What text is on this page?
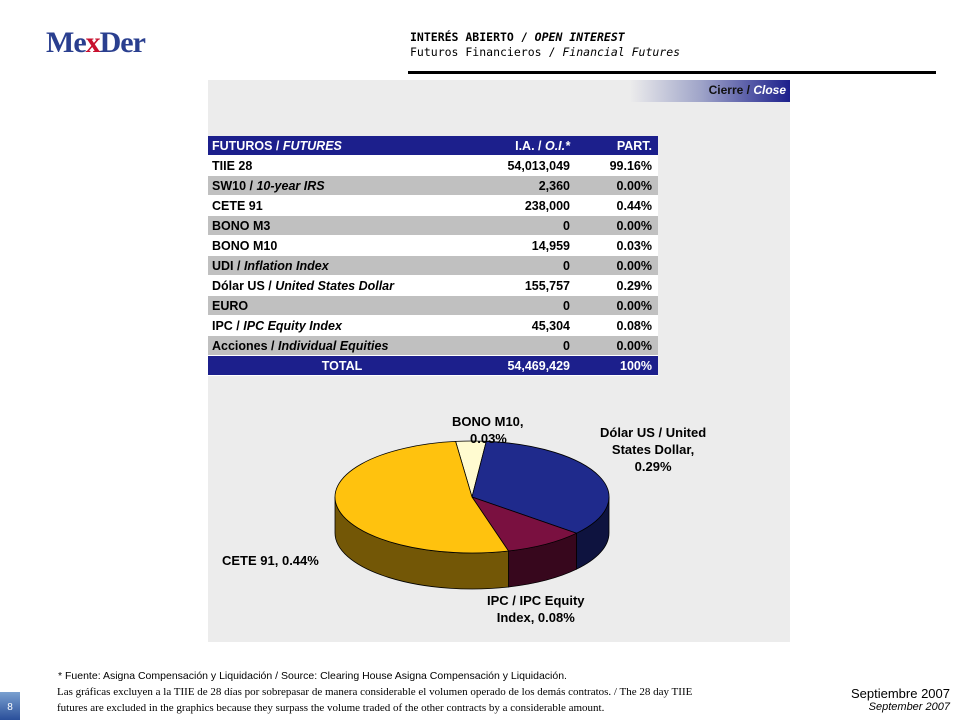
MexDer	INTERÉS ABIERTO / OPEN INTEREST
Futuros Financieros / Financial Futures
Cierre / Close
FUTUROS / FUTURES	I.A. / O.I.*	PART.
TIIE 28	54,013,049	99.16%
SW10 / 10-year IRS	2,360	0.00%
CETE 91	238,000	0.44%
BONO M3	0	0.00%
BONO M10	14,959	0.03%
UDI / Inflation Index	0	0.00%
Dólar US / United States Dollar	155,757	0.29%
EURO	0	0.00%
IPC / IPC Equity Index	45,304	0.08%
Acciones / Individual Equities	0	0.00%
TOTAL	54,469,429	100%
BONO M10,
0.03%	Dólar US / United
States Dollar,
0.29%
IPC / IPC Equity
Index, 0.08%
CETE 91, 0.44%
* Fuente: Asigna Compensación y Liquidación / Source: Clearing House Asigna Compensación y Liquidación.
Las gráficas excluyen a la TIIE de 28 días por sobrepasar de manera considerable el volumen operado de los demás contratos. / The 28 day TIIE
futures are excluded in the graphics because they surpass the volume traded of the other contracts by a considerable amount.
Septiembre 2007
September 2007
8
